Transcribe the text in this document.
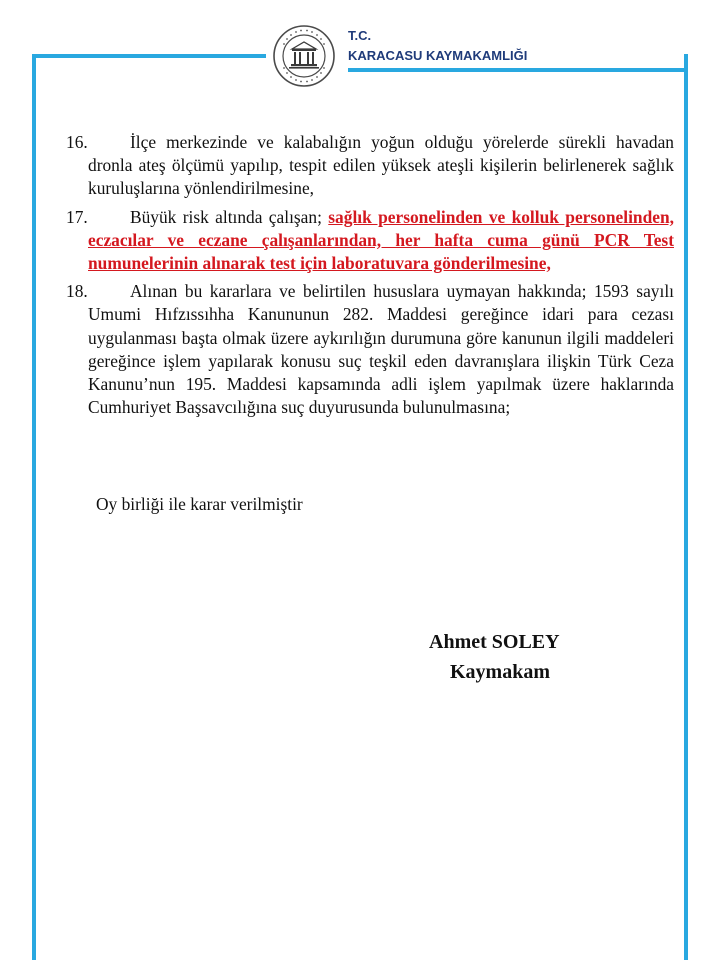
T.C.
KARACASU KAYMAKAMLIĞI
16.	İlçe merkezinde ve kalabalığın yoğun olduğu yörelerde sürekli havadan dronla ateş ölçümü yapılıp, tespit edilen yüksek ateşli kişilerin belirlenerek sağlık kuruluşlarına yönlendirilmesine,
17.	Büyük risk altında çalışan; sağlık personelinden ve kolluk personelinden, eczacılar ve eczane çalışanlarından, her hafta cuma günü PCR Test numunelerinin alınarak test için laboratuvara gönderilmesine,
18.	Alınan bu kararlara ve belirtilen hususlara uymayan hakkında; 1593 sayılı Umumi Hıfzıssıhha Kanununun 282. Maddesi gereğince idari para cezası uygulanması başta olmak üzere aykırılığın durumuna göre kanunun ilgili maddeleri gereğince işlem yapılarak konusu suç teşkil eden davranışlara ilişkin Türk Ceza Kanunu’nun 195. Maddesi kapsamında adli işlem yapılmak üzere haklarında Cumhuriyet Başsavcılığına suç duyurusunda bulunulmasına;
Oy birliği ile karar verilmiştir
Ahmet SOLEY
Kaymakam
